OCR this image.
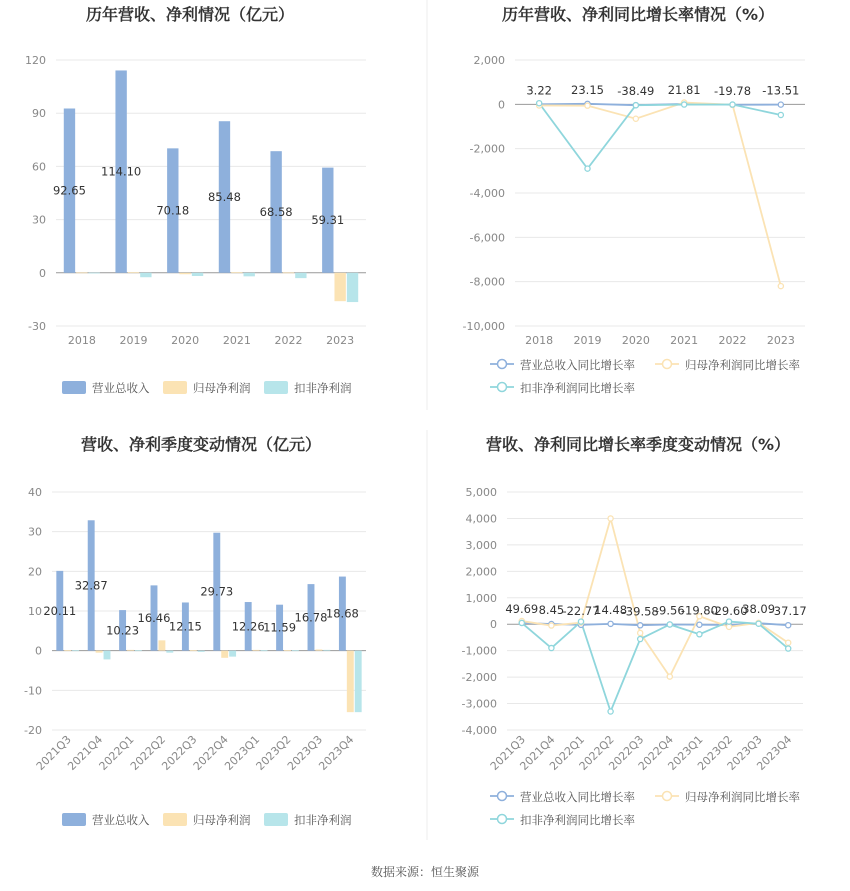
历年营收、净利情况（亿元）
-30
0
30
60
90
120
2018 2019 2020 2021 2022 2023
92.65
114.10
70.18
85.48
68.58
59.31
营业总收入	归母净利润	扣非净利润
历年营收、净利同比增长率情况（%）
-10,000
-8,000
-6,000
-4,000
-2,000
0
2,000
2018 2019 2020 2021 2022 2023
3.22 23.15 -38.49 21.81 -19.78 -13.51
营业总收入同比增长率	归母净利润同比增长率
扣非净利润同比增长率
营收、净利季度变动情况（亿元）
-20
-10
0
10
20
30
40
2021Q3
2021Q4
2022Q1
2022Q2
2022Q3
2022Q4
2023Q1
2023Q2
2023Q3
2023Q4
20.11
32.87
10.23
16.46
12.15
29.73
12.26
11.59
16.78
18.68
营业总收入	归母净利润	扣非净利润
营收、净利同比增长率季度变动情况（%）
-4,000
-3,000
-2,000
-1,000
0
1,000
2,000
3,000
4,000
5,000
2021Q3
2021Q4
2022Q1
2022Q2
2022Q3
2022Q4
2023Q1
2023Q2
2023Q3
2023Q4
49.69 8.45
-22.77
14.48
-39.58
-9.56
-19.80
-29.60
38.09
-37.17
营业总收入同比增长率	归母净利润同比增长率
扣非净利润同比增长率
数据来源：恒生聚源
